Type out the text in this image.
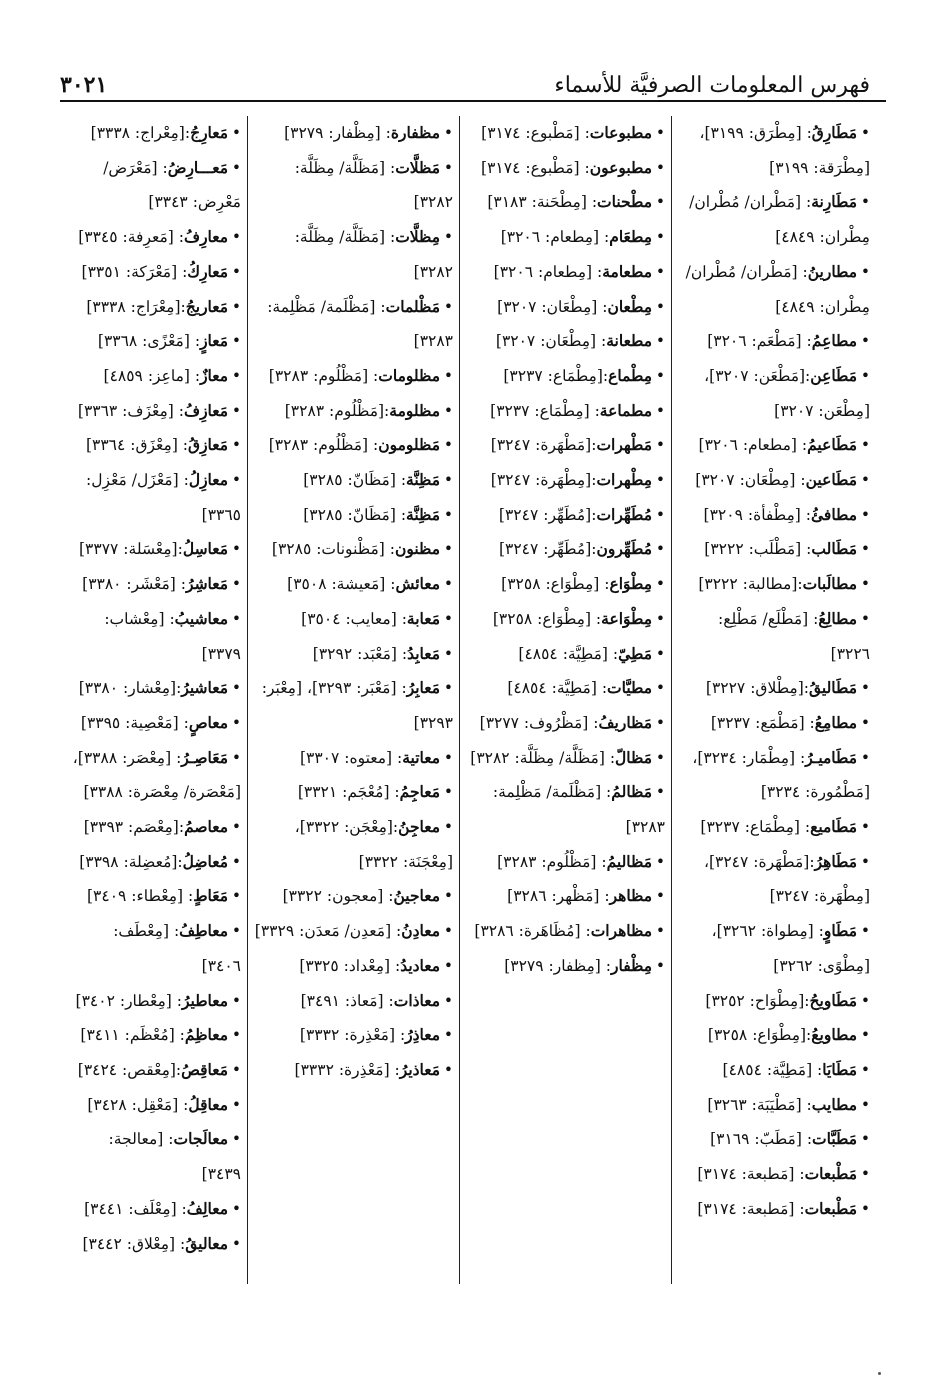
فهرس المعلومات الصرفيَّة للأسماء
٣٠٢١

• مَطَارِقُ: [مِطْرَق: ٣١٩٩]، [مِطْرَقة: ٣١٩٩]

• مَطَارِنة: [مَطْران/ مُطْران/ مِطْران: ٤٨٤٩]

• مطارينُ: [مَطْران/ مُطْران/ مِطْران: ٤٨٤٩]

• مطاعِمُ: [مَطْعَم: ٣٢٠٦]

• مَطَاعِن:[مَطْعَن: ٣٢٠٧]، [مِطْعَن: ٣٢٠٧]

• مَطَاعيمُ: [مطعام: ٣٢٠٦]

• مَطَاعين: [مِطْعَان: ٣٢٠٧]

• مطافئُ: [مِطْفأة: ٣٢٠٩]

• مَطَالب: [مَطْلَب: ٣٢٢٢]

• مطالَبات:[مطالبة: ٣٢٢٢]

• مطالِعُ: [مَطْلَع/ مَطْلِع: ٣٢٢٦]

• مَطَاليقُ:[مِطْلاق: ٣٢٢٧]

• مطامِعُ: [مَطْمَع: ٣٢٣٧]

• مَطَاميـرُ: [مِطْمَار: ٣٢٣٤]، [مَطْمُورة: ٣٢٣٤]

• مَطَاميع: [مِطْمَاع: ٣٢٣٧]

• مَطَاهِرُ:[مَطْهَرة: ٣٢٤٧]، [مِطْهَرة: ٣٢٤٧]

• مَطَاوٍ: [مِطواة: ٣٢٦٢]، [مِطْوًى: ٣٢٦٢]

• مَطَاويحُ:[مِطْوَاح: ٣٢٥٢]

• مطاويعُ:[مِطْوَاع: ٣٢٥٨]

• مَطَايَا: [مَطِيَّة: ٤٨٥٤]

• مطايب: [مَطْيَبَة: ٣٢٦٣]

• مَطَبَّات: [مَطَبّ: ٣١٦٩]

• مَطْبعات: [مَطبعة: ٣١٧٤]

• مَطْبعات: [مَطبعة: ٣١٧٤]

• مطبوعات: [مَطْبوع: ٣١٧٤]

• مطبوعون: [مَطْبوع: ٣١٧٤]

• مطْحنات: [مِطْحَنة: ٣١٨٣]

• مِطعَام: [مِطعام: ٣٢٠٦]

• مطعامة: [مِطعام: ٣٢٠٦]

• مِطْعان: [مِطْعَان: ٣٢٠٧]

• مطعانة: [مِطْعَان: ٣٢٠٧]

• مِطْماع:[مِطْمَاع: ٣٢٣٧]

• مطماعة: [مِطْمَاع: ٣٢٣٧]

• مَطْهرات:[مَطْهَرة: ٣٢٤٧]

• مِطْهرات:[مِطْهَرة: ٣٢٤٧]

• مُطَهِّرات:[مُطَهِّر: ٣٢٤٧]

• مُطَهِّرون:[مُطَهِّر: ٣٢٤٧]

• مِطْوَاع: [مِطْوَاع: ٣٢٥٨]

• مِطْوَاعة: [مِطْوَاع: ٣٢٥٨]

• مَطِيّ: [مَطِيَّة: ٤٨٥٤]

• مطيَّات: [مَطِيَّة: ٤٨٥٤]

• مَظاريفُ: [مَظْرُوف: ٣٢٧٧]

• مَظالّ: [مَظَلَّة/ مِظَلَّة: ٣٢٨٢]

• مَظالمُ: [مَظْلَمة/ مَظْلِمة: ٣٢٨٣]

• مَظاليمُ: [مَظْلُوم: ٣٢٨٣]

• مظاهر: [مَظْهر: ٣٢٨٦]

• مظاهرات: [مُظَاهَرة: ٣٢٨٦]

• مِظْفار: [مِظفار: ٣٢٧٩]

• مظفارة: [مِظْفار: ٣٢٧٩]

• مَظلَّات: [مَظَلَّة/ مِظَلَّة: ٣٢٨٢]

• مِظلَّات: [مَظَلَّة/ مِظَلَّة: ٣٢٨٢]

• مَظْلمات: [مَظْلَمة/ مَظْلِمة: ٣٢٨٣]

• مظلومات: [مَظْلُوم: ٣٢٨٣]

• مظلومة:[مَظْلُوم: ٣٢٨٣]

• مَظلومون: [مَظْلُوم: ٣٢٨٣]

• مَظِنَّة: [مَظَانّ: ٣٢٨٥]

• مَظِنَّة: [مَظَانّ: ٣٢٨٥]

• مظنون: [مَظْنونات: ٣٢٨٥]

• معائش: [مَعيشة: ٣٥٠٨]

• مَعابة: [معايب: ٣٥٠٤]

• مَعابِدُ: [مَعْبَد: ٣٢٩٢]

• مَعابِرُ: [مَعْبَر: ٣٢٩٣]، [مِعْبَر: ٣٢٩٣]

• معاتية: [معتوه: ٣٣٠٧]

• مَعاجِمُ: [مُعْجَم: ٣٣٢١]

• معاجِنُ:[مِعْجَن: ٣٣٢٢]، [مِعْجَنَة: ٣٣٢٢]

• معاجينُ: [معجون: ٣٣٢٢]

• معادِنُ: [مَعدِن/ مَعدَن: ٣٣٢٩]

• معاديدُ: [مِعْداد: ٣٣٢٥]

• معاذات: [مَعاذ: ٣٤٩١]

• معاذِرُ: [مَعْذِرة: ٣٣٣٢]

• مَعاذيرُ: [مَعْذِرة: ٣٣٣٢]

• مَعارِجُ:[مِعْراج: ٣٣٣٨]

• مَعـــارِضُ: [مَعْرَض/ مَعْرِض: ٣٣٤٣]

• معارِفُ: [مَعرِفة: ٣٣٤٥]

• مَعارِكُ: [مَعْرَكة: ٣٣٥١]

• مَعاريجُ:[مِعْرَاج: ٣٣٣٨]

• مَعازٍ: [مَعْزًى: ٣٣٦٨]

• معازٌ: [ماعِز: ٤٨٥٩]

• مَعازِفُ: [مِعْزَف: ٣٣٦٣]

• مَعازِقُ: [مِعْزَق: ٣٣٦٤]

• معازِلُ: [مَعْزَل/ مَعْزِل: ٣٣٦٥]

• مَعاسِلُ:[مِعْسَلة: ٣٣٧٧]

• مَعاشِرُ: [مَعْشَر: ٣٣٨٠]

• معاشيبُ: [مِعْشاب: ٣٣٧٩]

• مَعاشيرُ:[مِعْشار: ٣٣٨٠]

• معاصٍ: [مَعْصِية: ٣٣٩٥]

• مَعَاصِـرُ: [مِعْصَر: ٣٣٨٨]، [مَعْصَرة/ مِعْصَرة: ٣٣٨٨]

• معاصمُ:[مِعْصَم: ٣٣٩٣]

• مُعاضِلُ:[مُعضِلة: ٣٣٩٨]

• مَعَاطٍ: [مِعْطاء: ٣٤٠٩]

• معاطِفُ: [مِعْطَف: ٣٤٠٦]

• معاطيرُ: [مِعْطار: ٣٤٠٢]

• معاظِمُ: [مُعْظَم: ٣٤١١]

• مَعاقِصُ:[مِعْقص: ٣٤٢٤]

• معاقِلُ: [مَعْقِل: ٣٤٢٨]

• معالَجات: [معالجة: ٣٤٣٩]

• معالِفُ: [مِعْلَف: ٣٤٤١]

• معاليقُ: [مِعْلاق: ٣٤٤٢]
